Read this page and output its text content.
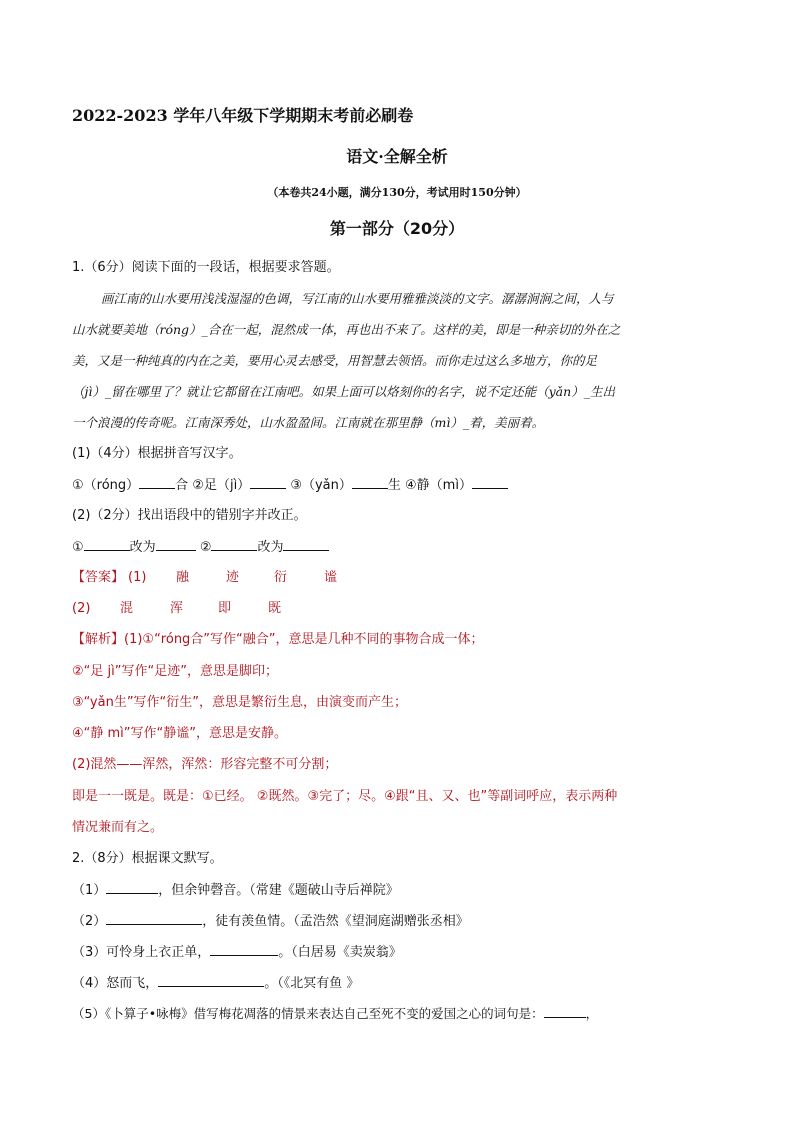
2022-2023 学年八年级下学期期末考前必刷卷
语文·全解全析
（本卷共24小题，满分130分，考试用时150分钟）
第一部分（20分）
1.（6分）阅读下面的一段话，根据要求答题。
画江南的山水要用浅浅湿湿的色调，写江南的山水要用雅雅淡淡的文字。潺潺涧涧之间，人与
山水就要美地（róng）_合在一起，混然成一体，再也出不来了。这样的美，即是一种亲切的外在之
美，又是一种纯真的内在之美，要用心灵去感受，用智慧去领悟。而你走过这么多地方，你的足
（jì）_留在哪里了？就让它都留在江南吧。如果上面可以烙刻你的名字，说不定还能（yǎn）_生出
一个浪漫的传奇呢。江南深秀处，山水盈盈间。江南就在那里静（mì）_着，美丽着。
(1)（4分）根据拼音写汉字。
①（róng）	合 ②足（jì）	③（yǎn）	生 ④静（mì）
(2)（2分）找出语段中的错别字并改正。
①	改为	②	改为
【答案】 (1) 融	迹	衍	谧
(2) 混	浑	即	既
【解析】(1)①“róng合”写作“融合”，意思是几种不同的事物合成一体；
②“足 jì”写作“足迹”，意思是脚印；
③“yǎn生”写作“衍生”，意思是繁衍生息，由演变而产生；
④“静 mì”写作“静谧”，意思是安静。
(2)混然——浑然，浑然：形容完整不可分割；
即是一一既是。既是：①已经。 ②既然。③完了；尽。④跟“且、又、也”等副词呼应，表示两种
情况兼而有之。
2.（8分）根据课文默写。
（1）	，但余钟磬音。（常建《题破山寺后禅院》
（2）	，徒有羡鱼情。（孟浩然《望洞庭湖赠张丞相》
（3）可怜身上衣正单，	。（白居易《卖炭翁》
（4）怒而飞，	。（《北冥有鱼 》
（5）《卜算子•咏梅》借写梅花凋落的情景来表达自己至死不变的爱国之心的词句是：	，
